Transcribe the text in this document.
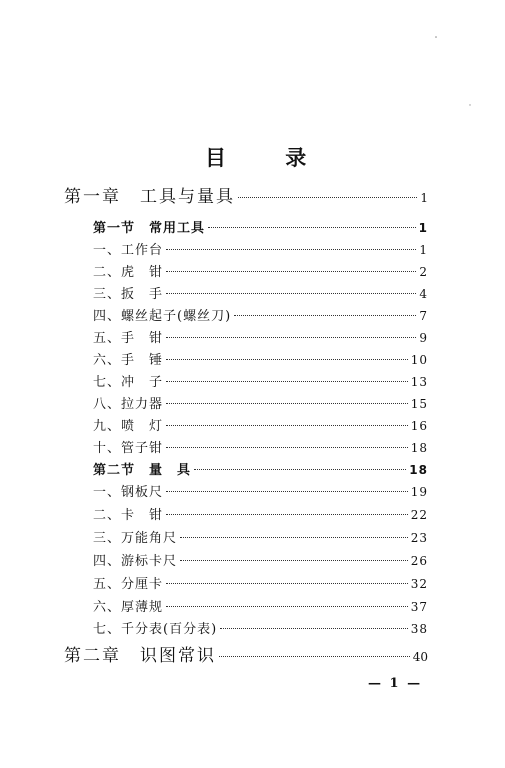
目 录
第一章　工具与量具	1
第一节　常用工具	1
一、工作台	1
二、虎　钳	2
三、扳　手	4
四、螺丝起子(螺丝刀)	7
五、手　钳	9
六、手　锤	10
七、冲　子	13
八、拉力器	15
九、喷　灯	16
十、管子钳	18
第二节　量　具	18
一、钢板尺	19
二、卡　钳	22
三、万能角尺	23
四、游标卡尺	26
五、分厘卡	32
六、厚薄规	37
七、千分表(百分表)	38
第二章　识图常识	40
— 1 —
